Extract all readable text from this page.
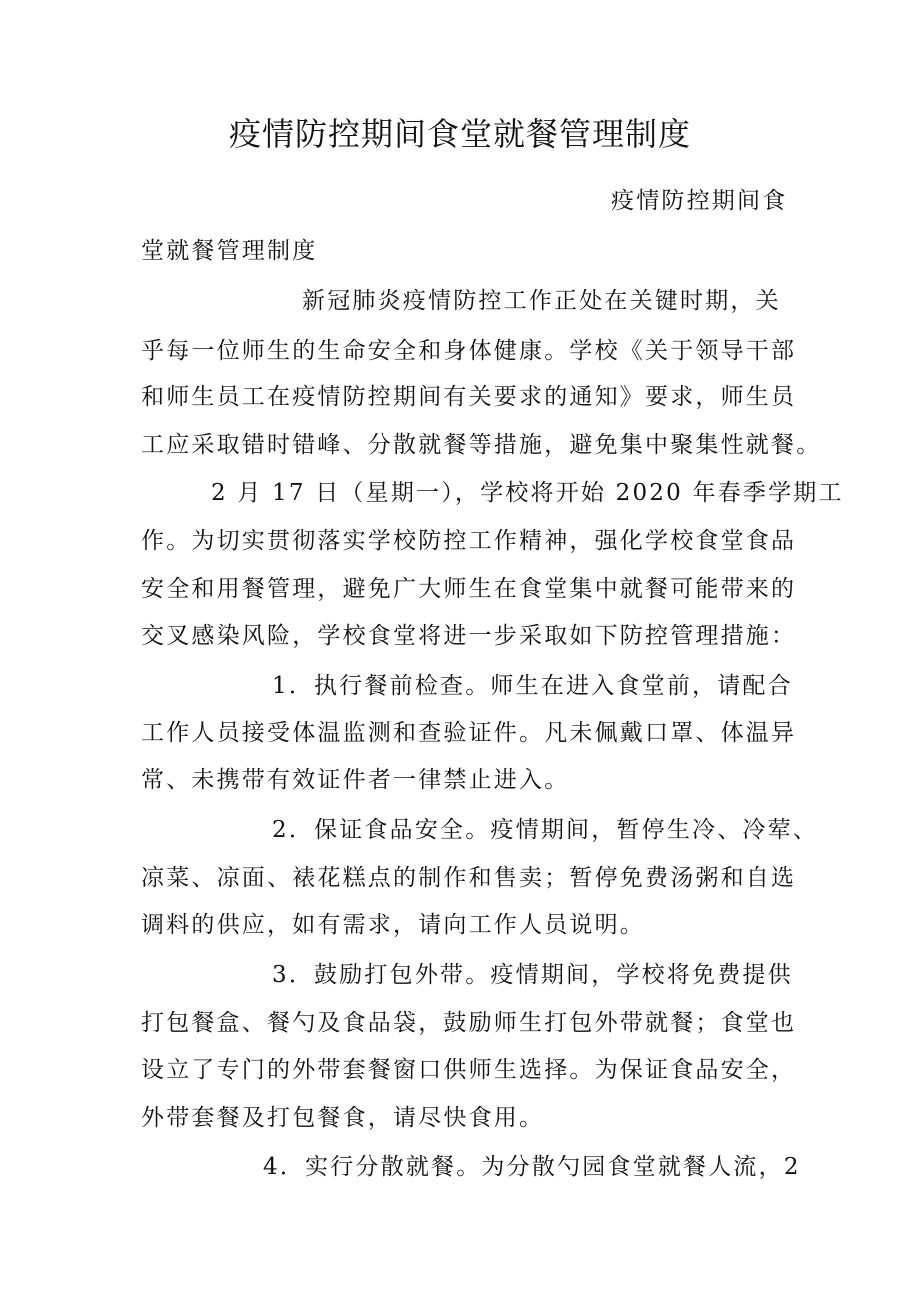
疫情防控期间食堂就餐管理制度
疫情防控期间食
堂就餐管理制度
新冠肺炎疫情防控工作正处在关键时期，关
乎每一位师生的生命安全和身体健康。学校《关于领导干部
和师生员工在疫情防控期间有关要求的通知》要求，师生员
工应采取错时错峰、分散就餐等措施，避免集中聚集性就餐。
2 月 17 日（星期一），学校将开始 2020 年春季学期工
作。为切实贯彻落实学校防控工作精神，强化学校食堂食品
安全和用餐管理，避免广大师生在食堂集中就餐可能带来的
交叉感染风险，学校食堂将进一步采取如下防控管理措施：
1．执行餐前检查。师生在进入食堂前，请配合
工作人员接受体温监测和查验证件。凡未佩戴口罩、体温异
常、未携带有效证件者一律禁止进入。
2．保证食品安全。疫情期间，暂停生冷、冷荤、
凉菜、凉面、裱花糕点的制作和售卖；暂停免费汤粥和自选
调料的供应，如有需求，请向工作人员说明。
3．鼓励打包外带。疫情期间，学校将免费提供
打包餐盒、餐勺及食品袋，鼓励师生打包外带就餐；食堂也
设立了专门的外带套餐窗口供师生选择。为保证食品安全，
外带套餐及打包餐食，请尽快食用。
4．实行分散就餐。为分散勺园食堂就餐人流，2
